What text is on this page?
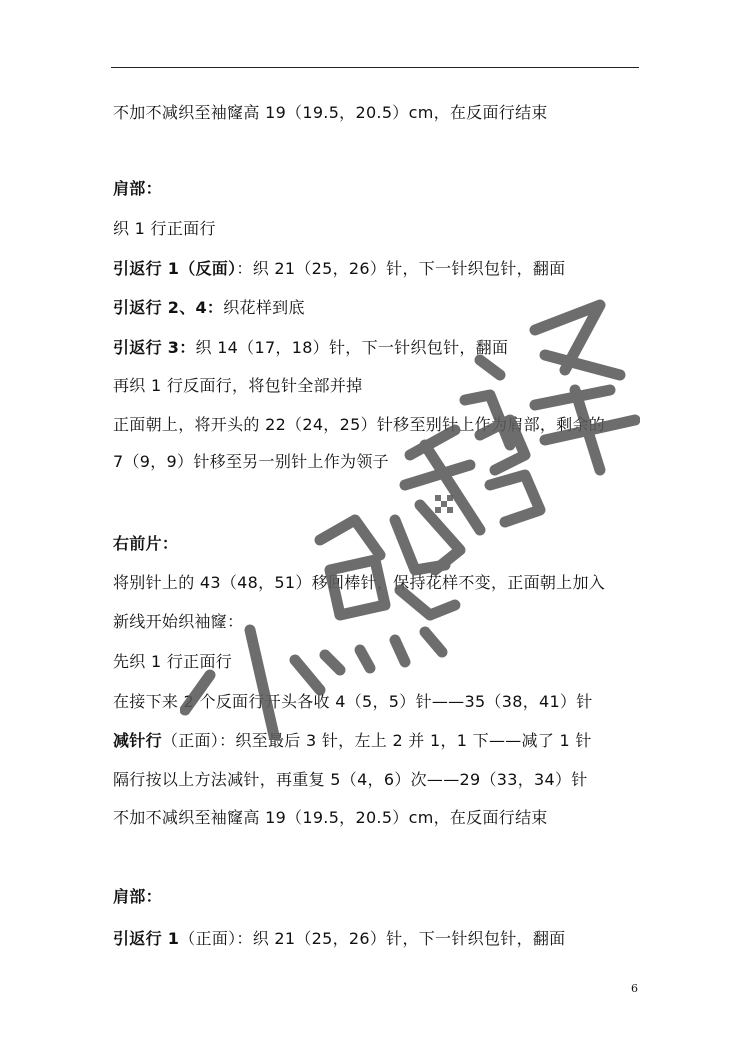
不加不减织至袖窿高 19（19.5，20.5）cm，在反面行结束
肩部：
织 1 行正面行
引返行 1（反面）：织 21（25，26）针，下一针织包针，翻面
引返行 2、4：织花样到底
引返行 3：织 14（17，18）针，下一针织包针，翻面
再织 1 行反面行，将包针全部并掉
正面朝上，将开头的 22（24，25）针移至别针上作为肩部，剩余的
7（9，9）针移至另一别针上作为领子
右前片：
将别针上的 43（48，51）移回棒针，保持花样不变，正面朝上加入
新线开始织袖窿：
先织 1 行正面行
在接下来 2 个反面行开头各收 4（5，5）针——35（38，41）针
减针行（正面）：织至最后 3 针，左上 2 并 1，1 下——减了 1 针
隔行按以上方法减针，再重复 5（4，6）次——29（33，34）针
不加不减织至袖窿高 19（19.5，20.5）cm，在反面行结束
肩部：
引返行 1（正面）：织 21（25，26）针，下一针织包针，翻面
6
